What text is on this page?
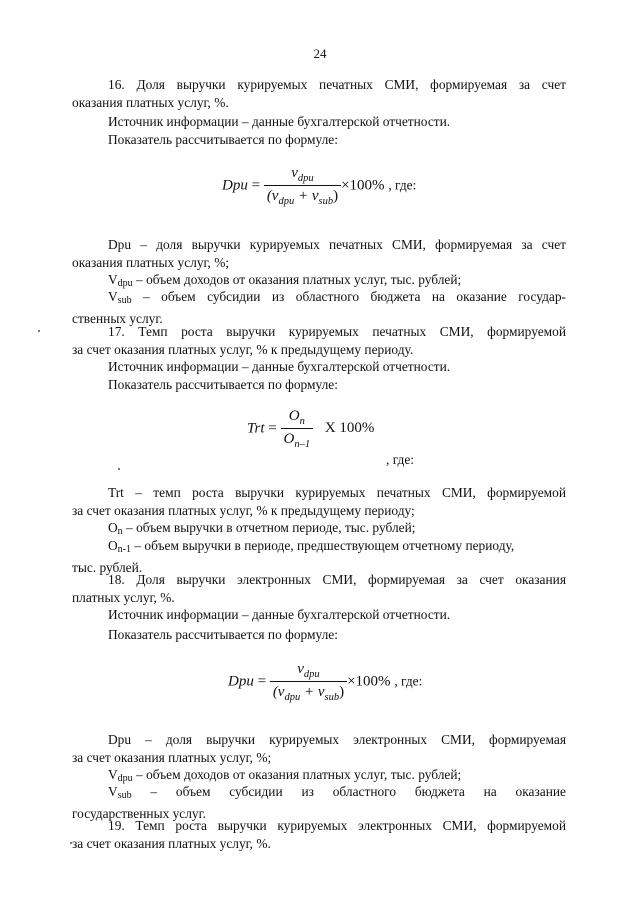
24
16. Доля выручки курируемых печатных СМИ, формируемая за счет
оказания платных услуг, %.
Источник информации – данные бухгалтерской отчетности.
Показатель рассчитывается по формуле:
Dpu = $\frac{v_{dpu}}{(v_{dpu} + v_{sub})} \times 100\%$ , где:
Dpu – доля выручки курируемых печатных СМИ, формируемая за счет
оказания платных услуг, %;
Vdpu – объем доходов от оказания платных услуг, тыс. рублей;
Vsub – объем субсидии из областного бюджета на оказание государ-
ственных услуг.
17. Темп роста выручки курируемых печатных СМИ, формируемой
за счет оказания платных услуг, % к предыдущему периоду.
Источник информации – данные бухгалтерской отчетности.
Показатель рассчитывается по формуле:
Trt = $\frac{O_n}{O_{n-1}}$ X 100%
, где:
Trt – темп роста выручки курируемых печатных СМИ, формируемой
за счет оказания платных услуг, % к предыдущему периоду;
On – объем выручки в отчетном периоде, тыс. рублей;
On-1 – объем выручки в периоде, предшествующем отчетному периоду,
тыс. рублей.
18. Доля выручки электронных СМИ, формируемая за счет оказания
платных услуг, %.
Источник информации – данные бухгалтерской отчетности.
Показатель рассчитывается по формуле:
Dpu = $\frac{v_{dpu}}{(v_{dpu} + v_{sub})} \times 100\%$ , где:
Dpu – доля выручки курируемых электронных СМИ, формируемая
за счет оказания платных услуг, %;
Vdpu – объем доходов от оказания платных услуг, тыс. рублей;
Vsub – объем субсидии из областного бюджета на оказание
государственных услуг.
19. Темп роста выручки курируемых электронных СМИ, формируемой
за счет оказания платных услуг, %.
